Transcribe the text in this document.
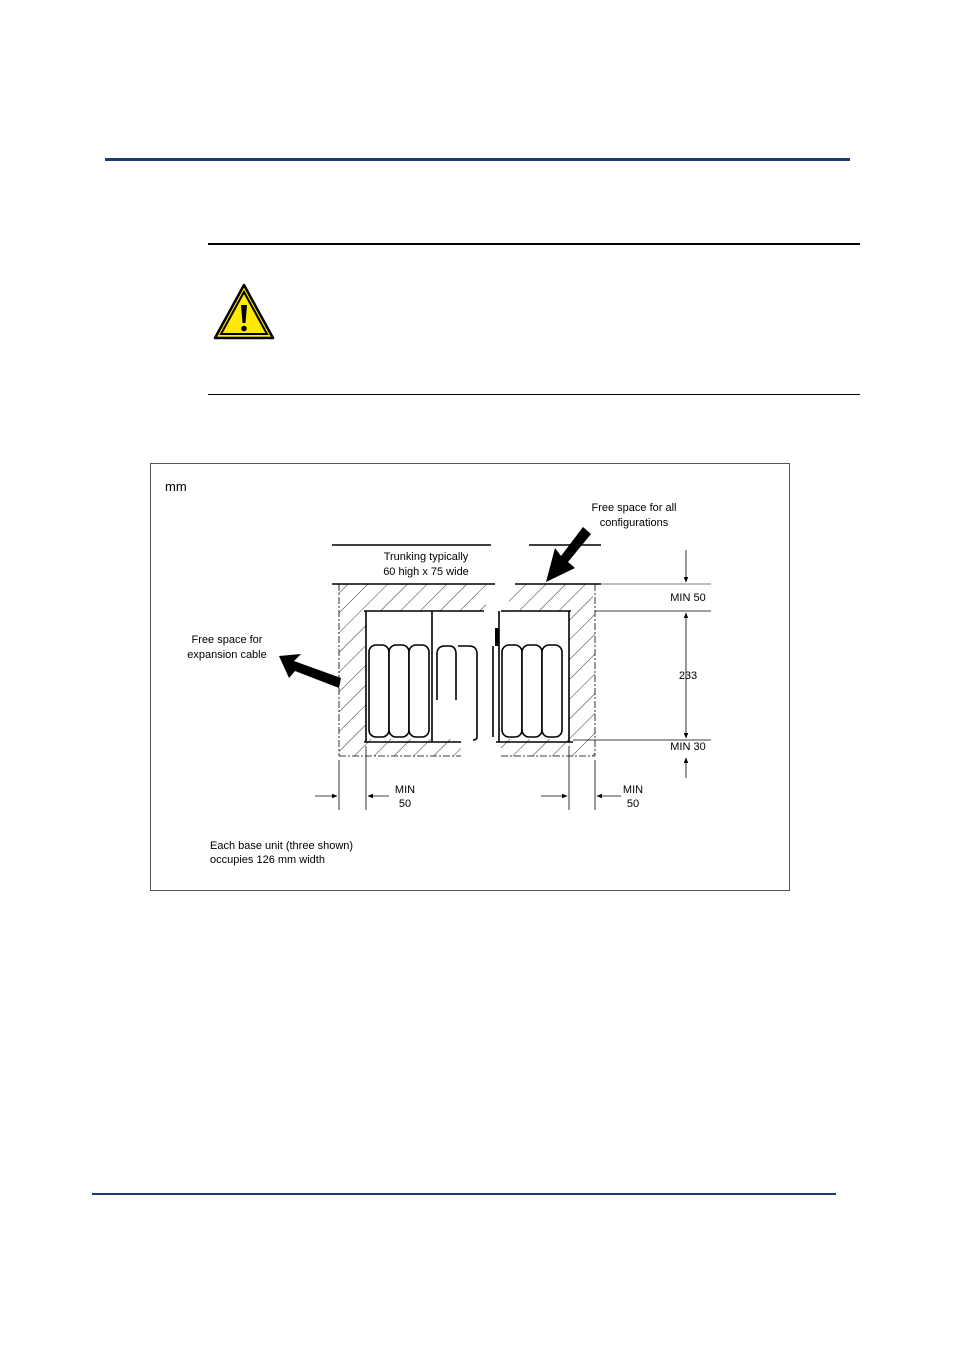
mm
MIN 50
233
MIN 30
MIN
50
MIN
50
Free space for all
configurations
Trunking typically
60 high x 75 wide
Free space for
expansion cable
Each base unit (three shown)
occupies 126 mm width
